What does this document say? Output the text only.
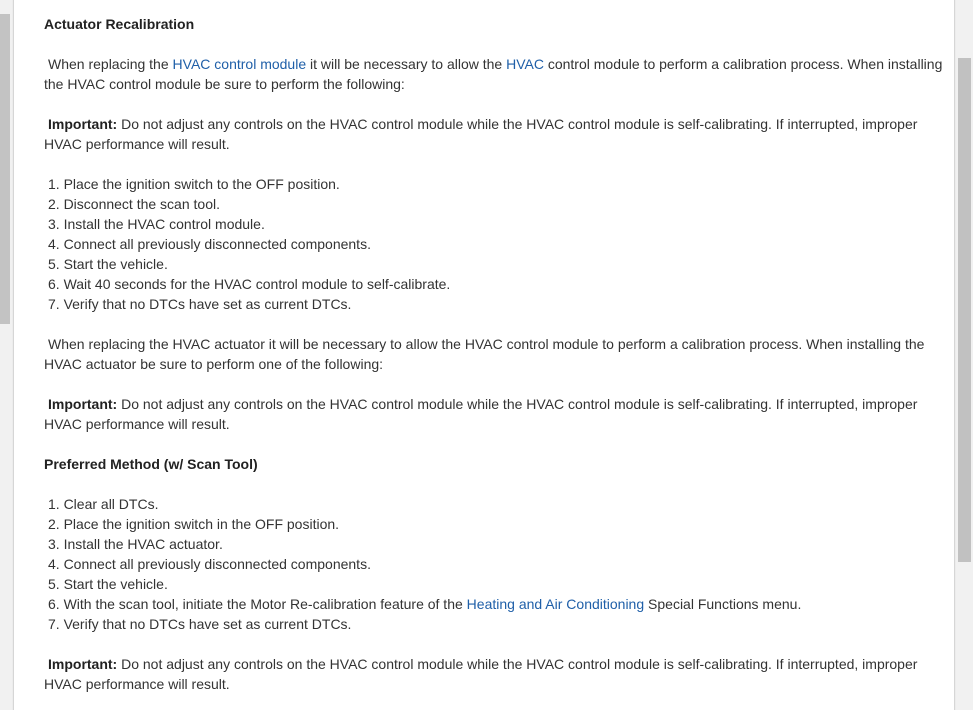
Actuator Recalibration

When replacing the HVAC control module it will be necessary to allow the HVAC control module to perform a calibration process. When installing the HVAC control module be sure to perform the following:

Important: Do not adjust any controls on the HVAC control module while the HVAC control module is self-calibrating. If interrupted, improper HVAC performance will result.

1. Place the ignition switch to the OFF position.
2. Disconnect the scan tool.
3. Install the HVAC control module.
4. Connect all previously disconnected components.
5. Start the vehicle.
6. Wait 40 seconds for the HVAC control module to self-calibrate.
7. Verify that no DTCs have set as current DTCs.

When replacing the HVAC actuator it will be necessary to allow the HVAC control module to perform a calibration process. When installing the HVAC actuator be sure to perform one of the following:

Important: Do not adjust any controls on the HVAC control module while the HVAC control module is self-calibrating. If interrupted, improper HVAC performance will result.

Preferred Method (w/ Scan Tool)
1. Clear all DTCs.
2. Place the ignition switch in the OFF position.
3. Install the HVAC actuator.
4. Connect all previously disconnected components.
5. Start the vehicle.
6. With the scan tool, initiate the Motor Re-calibration feature of the Heating and Air Conditioning Special Functions menu.
7. Verify that no DTCs have set as current DTCs.

Important: Do not adjust any controls on the HVAC control module while the HVAC control module is self-calibrating. If interrupted, improper HVAC performance will result.
